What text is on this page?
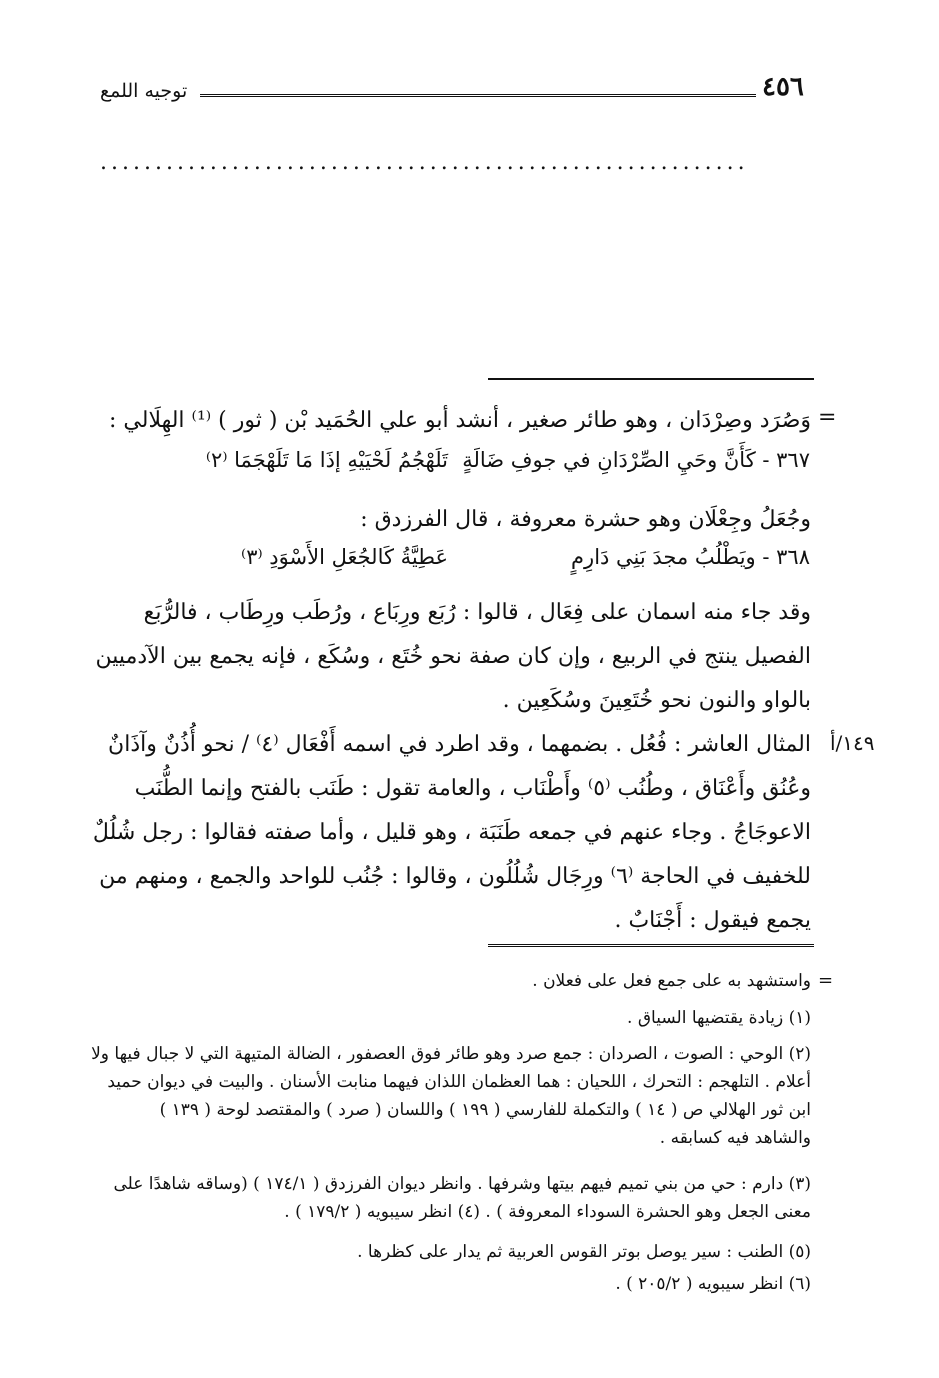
٤٥٦
توجيه اللمع
...........................................................
=
وَصُرَد وصِرْدَان ، وهو طائر صغير ، أنشد أبو علي الحُمَيد بْن ( ثور ) ⁽¹⁾ الهِلَالي :
٣٦٧ - كَأَنَّ وحَيِ الصِّرْدَانِ في جوفِ ضَالَةٍ
تَلَهْجُمُ لَحْيَيْهِ إذَا مَا تَلَهْجَمَا ⁽٢⁾
وجُعَلُ وجِعْلَان وهو حشرة معروفة ، قال الفرزدق :
٣٦٨ - ويَطْلُبُ مجدَ بَنِي دَارِمٍ
عَطِيَّةُ كَالجُعَلِ الأَسْوَدِ ⁽٣⁾
وقد جاء منه اسمان على فِعَال ، قالوا : رُبَع ورِبَاع ، ورُطَب ورِطَاب ، فالرُّبَع
الفصيل ينتج في الربيع ، وإن كان صفة نحو خُتَع ، وسُكَع ، فإنه يجمع بين الآدميين
بالواو والنون نحو خُتَعِينَ وسُكَعِين .
المثال العاشر : فُعُل . بضمهما ، وقد اطرد في اسمه أَفْعَال ⁽٤⁾ / نحو أُذُنٌ وآذَانٌ ١٤٩/أ
وعُنُق وأَعْنَاق ، وطُنُب ⁽٥⁾ وأَطْنَاب ، والعامة تقول : طَنَب بالفتح وإنما الطُّنَب
الاعوجَاجُ . وجاء عنهم في جمعه طَنَبَة ، وهو قليل ، وأما صفته فقالوا : رجل شُلُلٌ
للخفيف في الحاجة ⁽٦⁾ ورِجَال شُلُلُون ، وقالوا : جُنُب للواحد والجمع ، ومنهم من
يجمع فيقول : أَجْنَابٌ .
=
واستشهد به على جمع فعل على فعلان .
(١) زيادة يقتضيها السياق .
(٢) الوحي : الصوت ، الصردان : جمع صرد وهو طائر فوق العصفور ، الضالة المتيهة التي لا جبال فيها ولا
أعلام . التلهجم : التحرك ، اللحيان : هما العظمان اللذان فيهما منابت الأسنان . والبيت في ديوان حميد
ابن ثور الهلالي ص ( ١٤ ) والتكملة للفارسي ( ١٩٩ ) واللسان ( صرد ) والمقتصد لوحة ( ١٣٩ )
والشاهد فيه كسابقه .
(٣) دارم : حي من بني تميم فيهم بيتها وشرفها . وانظر ديوان الفرزدق ( ١٧٤/١ ) (وساقه شاهدًا على
معنى الجعل وهو الحشرة السوداء المعروفة ) . (٤) انظر سيبويه ( ١٧٩/٢ ) .
(٥) الطنب : سير يوصل بوتر القوس العربية ثم يدار على كظرها .
(٦) انظر سيبويه ( ٢٠٥/٢ ) .
